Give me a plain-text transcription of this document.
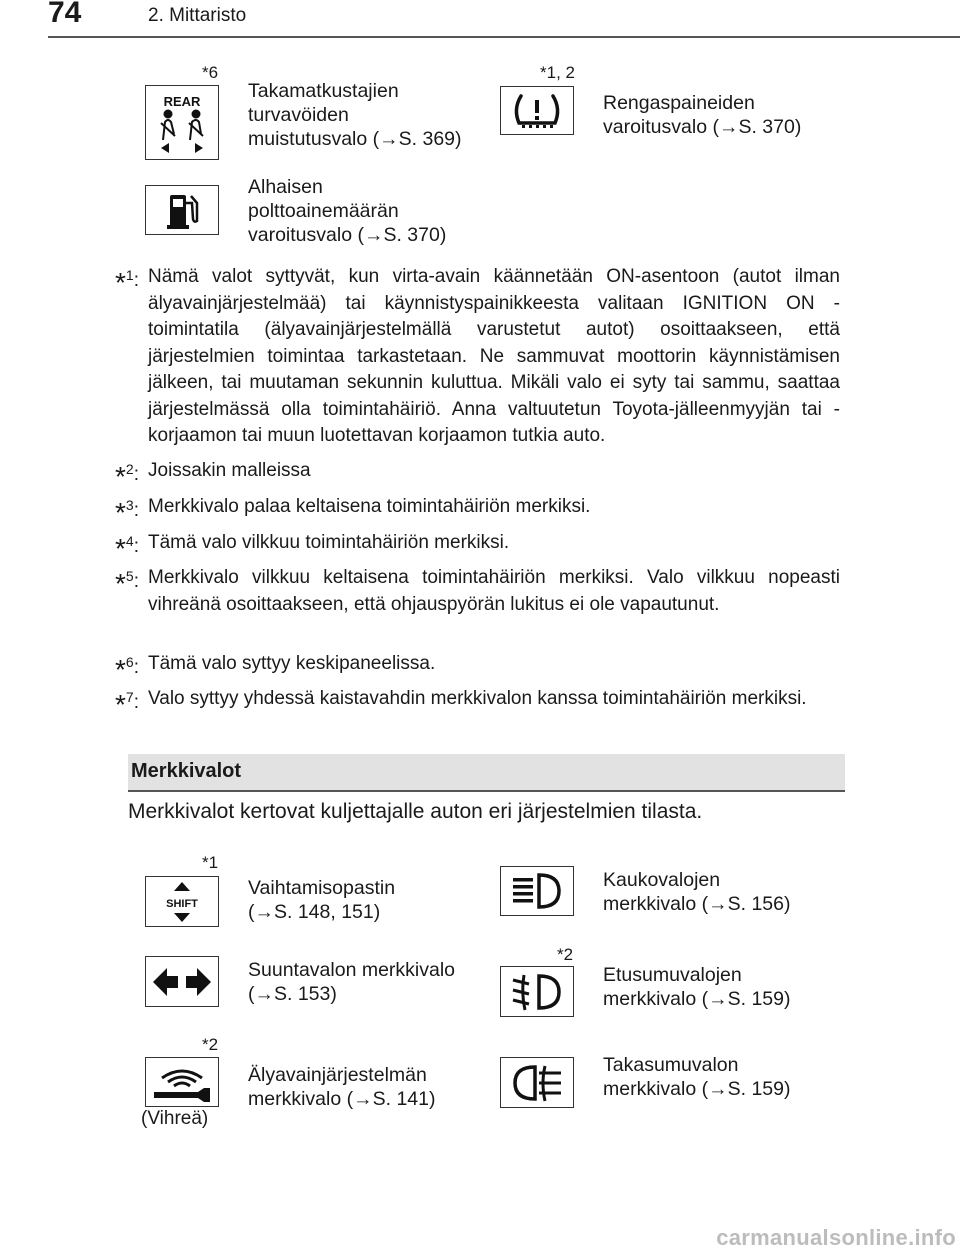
74	2. Mittaristo
REAR
*6
Takamatkustajien
turvavöiden
muistutusvalo (→S. 369)
*1, 2
Rengaspaineiden
varoitusvalo (→S. 370)
Alhaisen
polttoainemäärän
varoitusvalo (→S. 370)
*$^1$: Nämä valot syttyvät, kun virta-avain käännetään ON-asentoon (autot ilman älyavainjärjestelmää) tai käynnistyspainikkeesta valitaan IGNITION ON -toimintatila (älyavainjärjestelmällä varustetut autot) osoittaakseen, että järjestelmien toimintaa tarkastetaan. Ne sammuvat moottorin käynnistämisen jälkeen, tai muutaman sekunnin kuluttua. Mikäli valo ei syty tai sammu, saattaa järjestelmässä olla toimintahäiriö. Anna valtuutetun Toyota-jälleenmyyjän tai -korjaamon tai muun luotettavan korjaamon tutkia auto.
*$^2$: Joissakin malleissa
*$^3$: Merkkivalo palaa keltaisena toimintahäiriön merkiksi.
*$^4$: Tämä valo vilkkuu toimintahäiriön merkiksi.
*$^5$: Merkkivalo vilkkuu keltaisena toimintahäiriön merkiksi. Valo vilkkuu nopeasti vihreänä osoittaakseen, että ohjauspyörän lukitus ei ole vapautunut.
*$^6$: Tämä valo syttyy keskipaneelissa.
*$^7$: Valo syttyy yhdessä kaistavahdin merkkivalon kanssa toimintahäiriön merkiksi.
Merkkivalot
Merkkivalot kertovat kuljettajalle auton eri järjestelmien tilasta.
SHIFT
*1
Vaihtamisopastin
(→S. 148, 151)
Kaukovalojen
merkkivalo (→S. 156)
Suuntavalon merkkivalo
(→S. 153)
*2
Etusumuvalojen
merkkivalo (→S. 159)
*2
Älyavainjärjestelmän
merkkivalo (→S. 141)
(Vihreä)
Takasumuvalon
merkkivalo (→S. 159)
carmanualsonline.info
